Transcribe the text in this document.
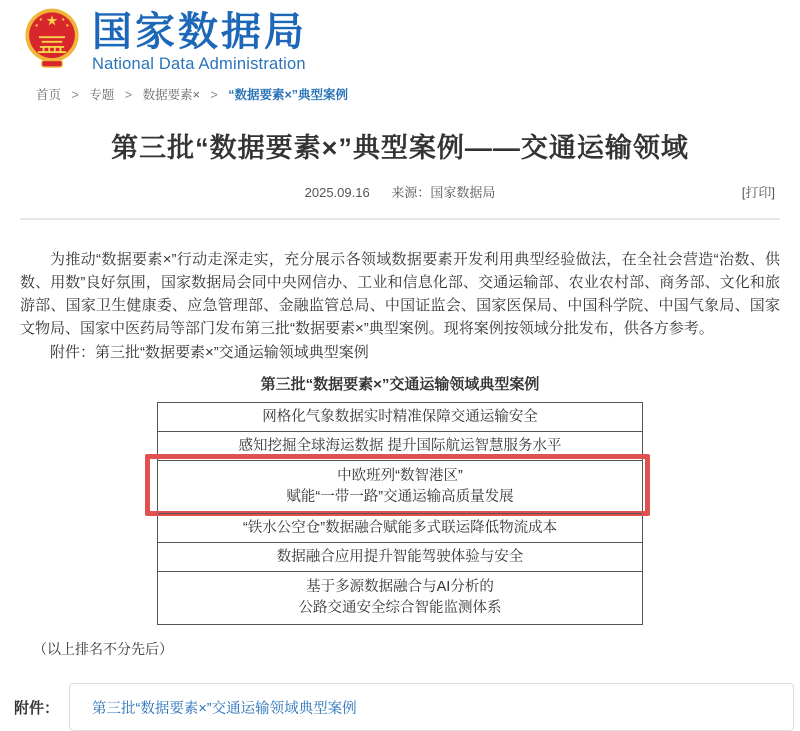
国家数据局
National Data Administration
首页 > 专题 > 数据要素× > “数据要素×”典型案例
第三批“数据要素×”典型案例——交通运输领域
2025.09.16 来源：国家数据局	[打印]

为推动“数据要素×”行动走深走实，充分展示各领域数据要素开发利用典型经验做法，在全社会营造“治数、供数、用数”良好氛围，国家数据局会同中央网信办、工业和信息化部、交通运输部、农业农村部、商务部、文化和旅游部、国家卫生健康委、应急管理部、金融监管总局、中国证监会、国家医保局、中国科学院、中国气象局、国家文物局、国家中医药局等部门发布第三批“数据要素×”典型案例。现将案例按领域分批发布，供各方参考。

附件：第三批“数据要素×”交通运输领域典型案例
第三批“数据要素×”交通运输领域典型案例
网格化气象数据实时精准保障交通运输安全
感知挖掘全球海运数据 提升国际航运智慧服务水平
中欧班列“数智港区”
赋能“一带一路”交通运输高质量发展
“铁水公空仓”数据融合赋能多式联运降低物流成本
数据融合应用提升智能驾驶体验与安全
基于多源数据融合与AI分析的
公路交通安全综合智能监测体系
（以上排名不分先后）
附件： 第三批“数据要素×”交通运输领域典型案例
